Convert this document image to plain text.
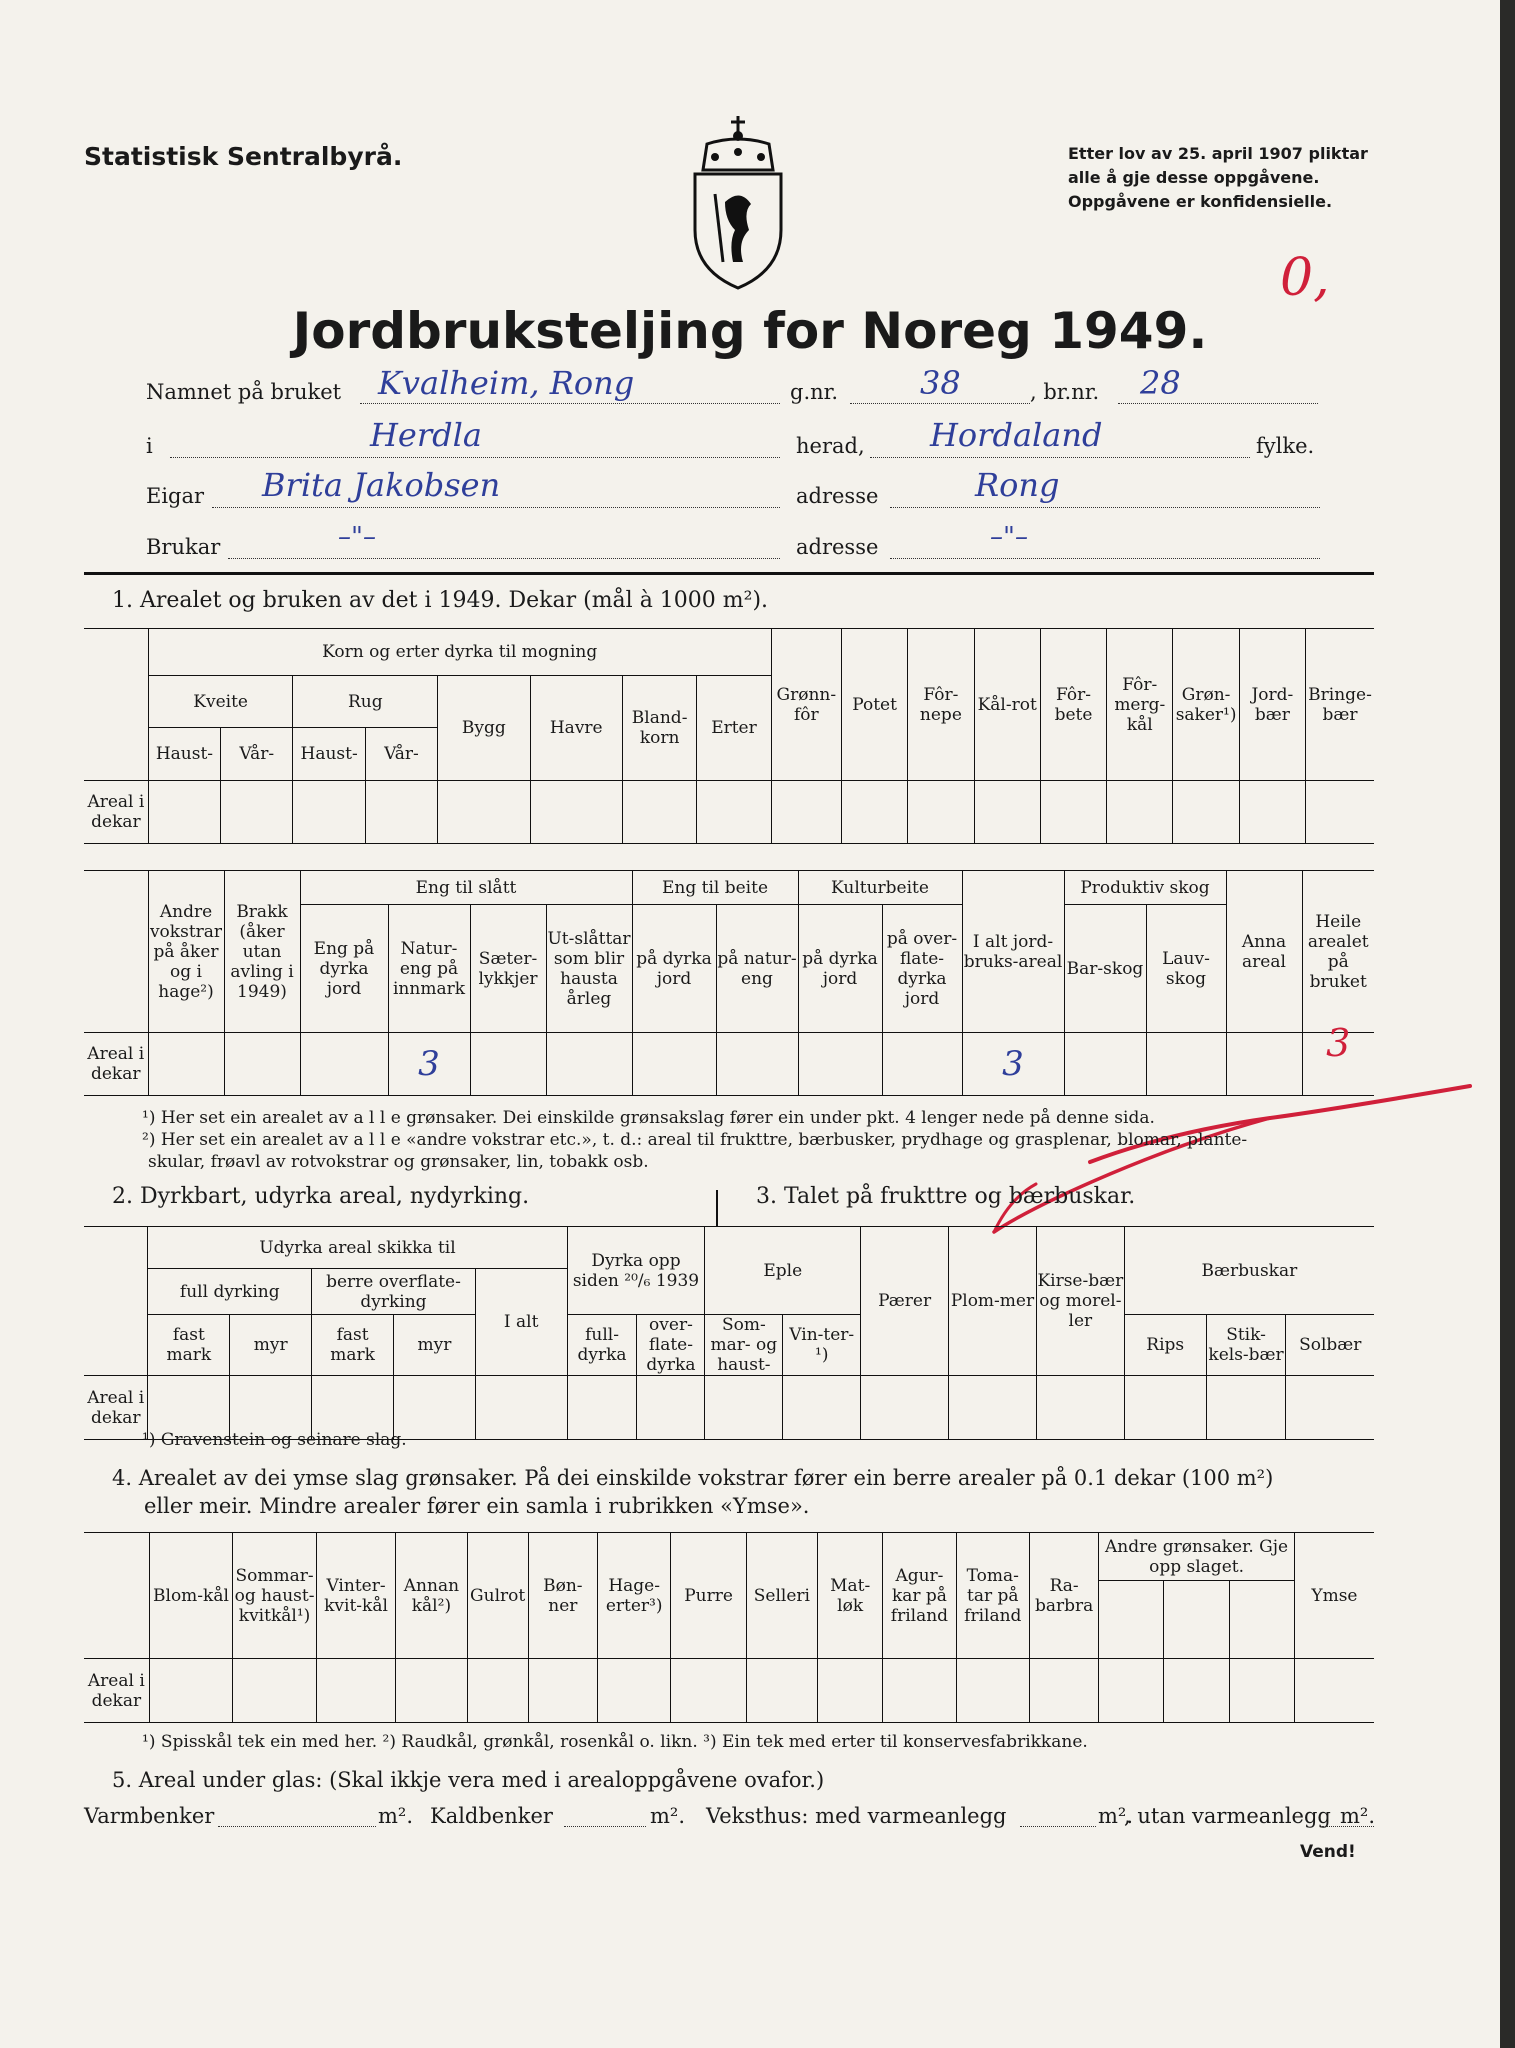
Statistisk Sentralbyrå.	Etter lov av 25. april 1907 pliktar
alle å gje desse oppgåvene.
Oppgåvene er konfidensielle.
0,
Jordbruksteljing for Noreg 1949.
Namnet på bruket Kvalheim, Rong	g.nr.	38	, br.nr. 28
i	Herdla	herad, Hordaland	fylke.
Eigar Brita Jakobsen	adresse	Rong
Brukar	–"–	adresse	–"–
1. Arealet og bruken av det i 1949. Dekar (mål à 1000 m²).
	Korn og erter dyrka til mogning								Grønn-fôr	Potet	Fôr-nepe	Kål-rot	Fôr-bete	Fôr-merg-kål	Grøn-saker¹)	Jord-bær	Bringe-bær
	Kveite		Rug		Bygg	Havre	Bland-korn	Erter									
	Haust-	Vår-	Haust-	Vår-													
Areal i dekar																	
	Andre vokstrar på åker og i hage²)	Brakk (åker utan avling i 1949)	Eng til slått				Eng til beite		Kulturbeite		I alt jord-bruks-areal	Produktiv skog		Anna areal	Heile arealet på bruket
			Eng på dyrka jord	Natur-eng på innmark	Sæter-lykkjer	Ut-slåttar som blir hausta årleg	på dyrka jord	på natur-eng	på dyrka jord	på over-flate-dyrka jord		Bar-skog	Lauv-skog		
Areal i dekar				3							3				3
¹) Her set ein arealet av a l l e grønsaker. Dei einskilde grønsakslag fører ein under pkt. 4 lenger nede på denne sida.
²) Her set ein arealet av a l l e «andre vokstrar etc.», t. d.: areal til frukttre, bærbusker, prydhage og grasplenar, blomar, plante-
skular, frøavl av rotvokstrar og grønsaker, lin, tobakk osb.
2. Dyrkbart, udyrka areal, nydyrking.	3. Talet på frukttre og bærbuskar.
	Udyrka areal skikka til					Dyrka opp siden ²⁰/₆ 1939		Eple		Pærer	Plom-mer	Kirse-bær og morel-ler	Bærbuskar		
	full dyrking		berre overflate-dyrking		I alt										
	fast mark	myr	fast mark	myr		full-dyrka	over-flate-dyrka	Som-mar- og haust-	Vin-ter-¹)				Rips	Stik-kels-bær	Solbær
Areal i dekar															
¹) Gravenstein og seinare slag.
4. Arealet av dei ymse slag grønsaker. På dei einskilde vokstrar fører ein berre arealer på 0.1 dekar (100 m²)
eller meir. Mindre arealer fører ein samla i rubrikken «Ymse».
	Blom-kål	Sommar- og haust-kvitkål¹)	Vinter-kvit-kål	Annan kål²)	Gulrot	Bøn-ner	Hage-erter³)	Purre	Selleri	Mat-løk	Agur-kar på friland	Toma-tar på friland	Ra-barbra	Andre grønsaker. Gje opp slaget.			Ymse

Areal i dekar																	
¹) Spisskål tek ein med her. ²) Raudkål, grønkål, rosenkål o. likn. ³) Ein tek med erter til konservesfabrikkane.
5. Areal under glas: (Skal ikkje vera med i arealoppgåvene ovafor.)
Varmbenker	m². Kaldbenker	m². Veksthus: med varmeanlegg	m².
, utan varmeanlegg m².
Vend!
